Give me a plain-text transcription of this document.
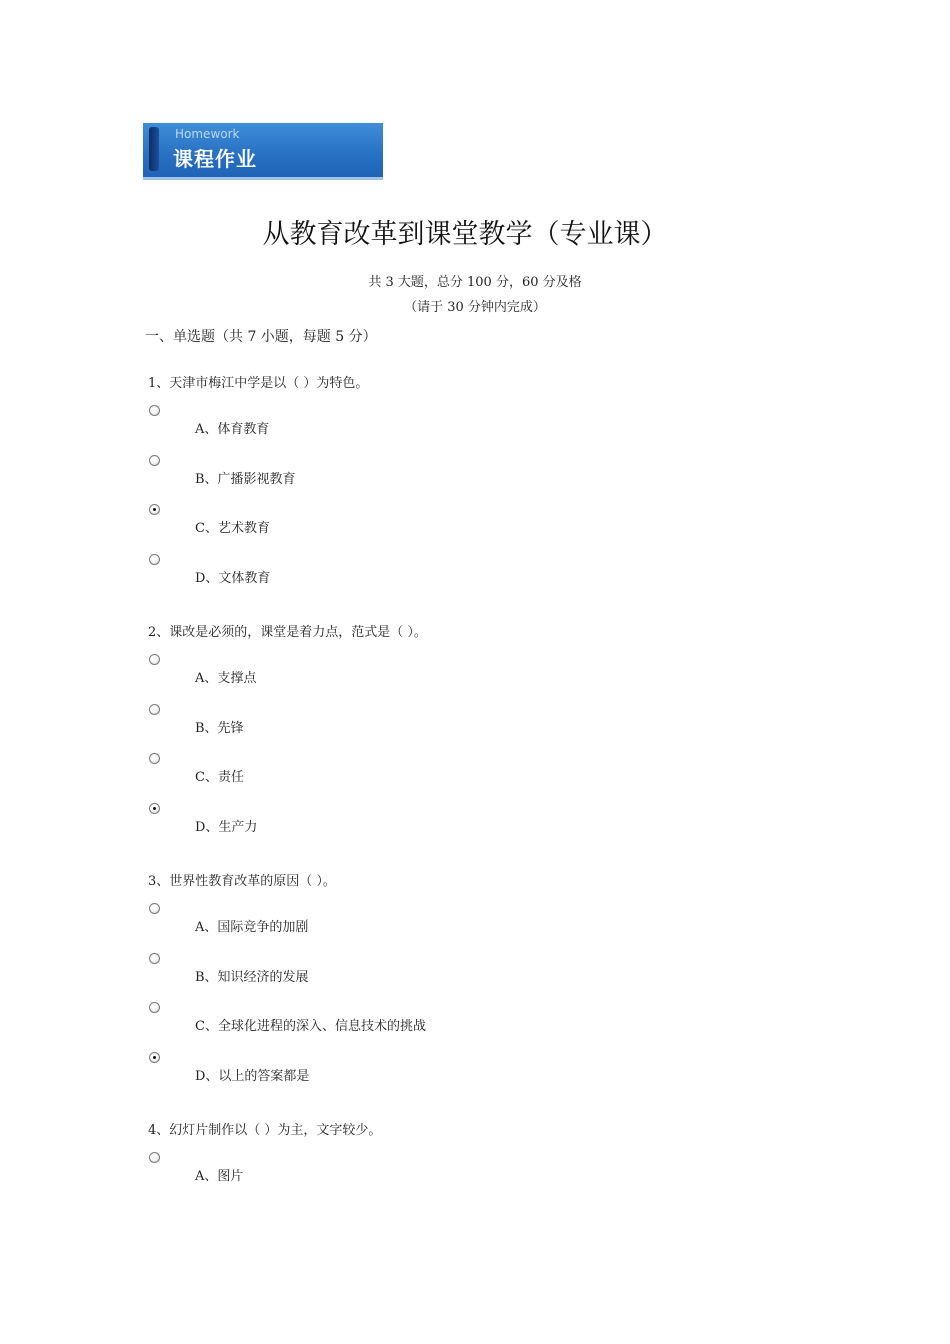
Homework
课程作业
从教育改革到课堂教学（专业课）
共 3 大题，总分 100 分，60 分及格
（请于 30 分钟内完成）
一、单选题（共 7 小题，每题 5 分）
1、天津市梅江中学是以（ ）为特色。
A、体育教育
B、广播影视教育
C、艺术教育
D、文体教育
2、课改是必须的，课堂是着力点，范式是（ ）。
A、支撑点
B、先锋
C、责任
D、生产力
3、世界性教育改革的原因（ ）。
A、国际竞争的加剧
B、知识经济的发展
C、全球化进程的深入、信息技术的挑战
D、以上的答案都是
4、幻灯片制作以（ ）为主，文字较少。
A、图片
